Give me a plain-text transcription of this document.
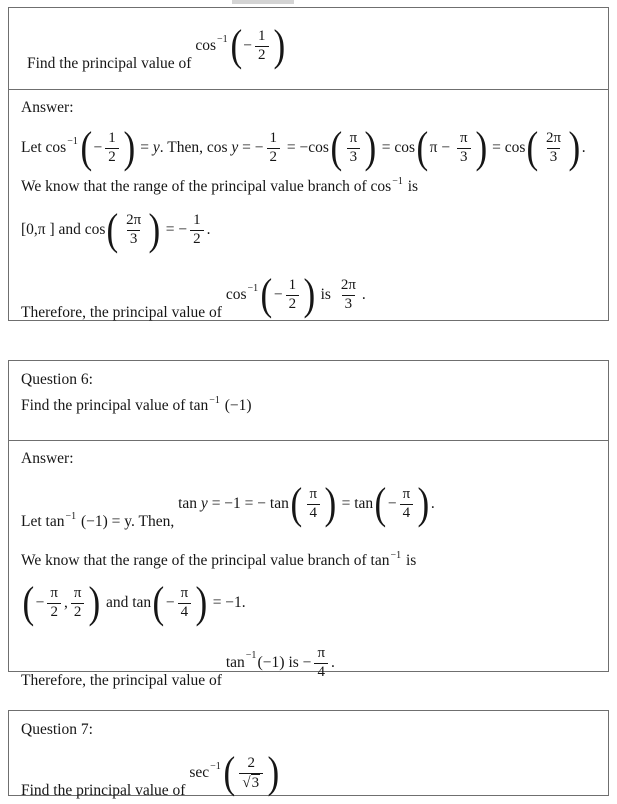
Find the principal value of
cos −1 ( − $\frac{1}{2}$ )
Answer:
Let cos −1 ( − $\frac{1}{2}$ ) = y . Then, cos y = − $\frac{1}{2} = -\cos$ ( $\frac{\pi}{3}$ ) = cos ( $\pi - \frac{\pi}{3}$ ) = cos ( $\frac{2\pi}{3}$ ) .
We know that the range of the principal value branch of $\cos^{-1}$ is
[0,π ] and cos ( $\frac{2\pi}{3}$ ) = − $\frac{1}{2}$ .
Therefore, the principal value of
cos −1 ( − $\frac{1}{2}$ ) is $\frac{2\pi}{3}$ .
Question 6:
Find the principal value of $\tan^{-1} (-1)$
Answer:
Let $\tan^{-1} (-1) = y$. Then,
tan y = −1 = − tan ( $\frac{\pi}{4}$ ) = tan ( − $\frac{\pi}{4}$ ) .
We know that the range of the principal value branch of $\tan^{-1}$ is
( − $\frac{\pi}{2}$ , $\frac{\pi}{2}$ ) and tan ( − $\frac{\pi}{4}$ ) = −1.
Therefore, the principal value of
tan −1 ( −1 ) is − $\frac{\pi}{4}$ .
Question 7:
Find the principal value of
sec −1 ( $\frac{2}{√3}$ )
